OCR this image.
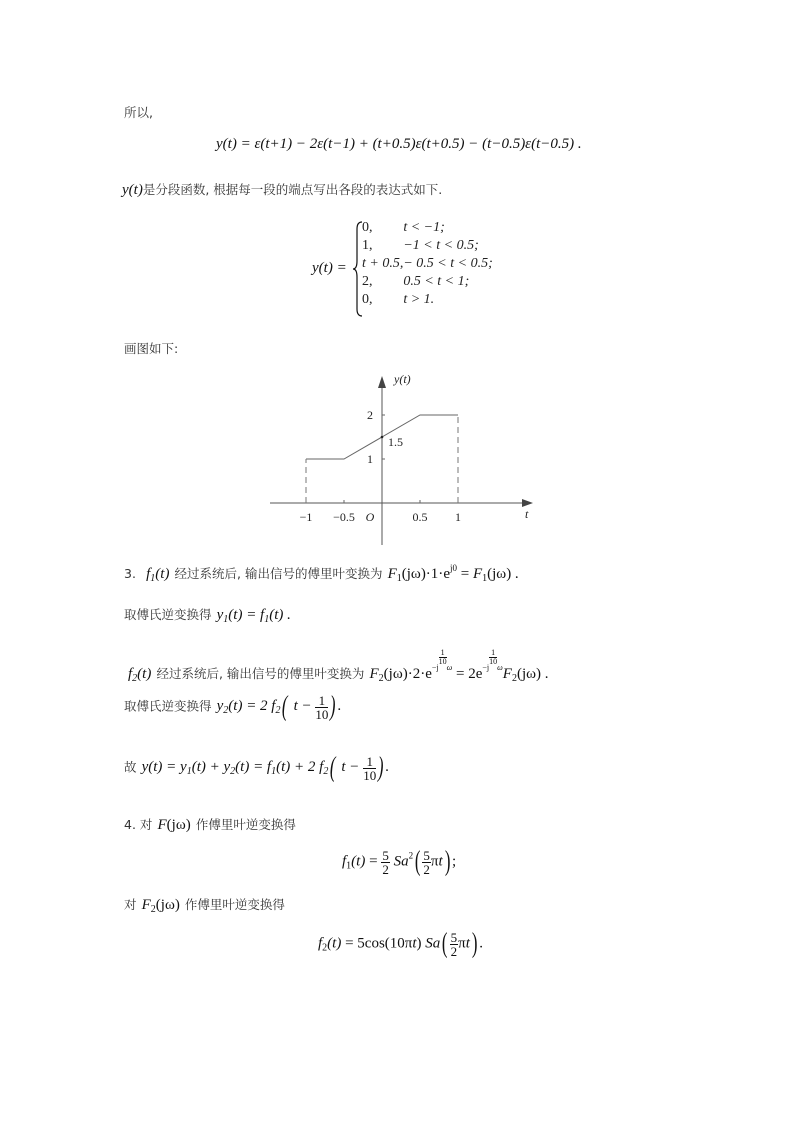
所以,
y(t) = ε(t+1) − 2ε(t−1) + (t+0.5)ε(t+0.5) − (t−0.5)ε(t−0.5) .
y(t)是分段函数, 根据每一段的端点写出各段的表达式如下.
y(t) =
0,	t < −1;
1,	−1 < t < 0.5;
t + 0.5,	− 0.5 < t < 0.5;
2,	0.5 < t < 1;
0,	t > 1.
画图如下:
−1 −0.5 O	0.5 1
1
2
1.5
y(t)
t
3. $f_1(t)$ 经过系统后, 输出信号的傅里叶变换为 $F_1(j\omega)\cdot 1\cdot e^{j0} = F_1(j\omega)$ .
取傅氏逆变换得 $y_1(t) = f_1(t)$ .
$f_2(t)$ 经过系统后, 输出信号的傅里叶变换为 $F_2(j\omega)\cdot 2\cdot e^{-j \frac{1}{10} \omega} = 2e^{-j \frac{1}{10} \omega}F_2(j\omega)$ .
取傅氏逆变换得 $y_2(t) = 2$ $f_2$( $t - \frac{1}{10}$ ) .
故 $y(t) = y_1(t) + y_2(t) = f_1(t) + 2$ $f_2$( $t - \frac{1}{10}$ ) .
4. 对 F(jω) 作傅里叶逆变换得
$f_1(t) = \frac{5}{2} Sa^2( \frac{5}{2} \pi t)$ ;
对 $F_2(j\omega)$ 作傅里叶逆变换得
$f_2(t) = 5\cos(10\pi t)$ $Sa( \frac{5}{2} \pi t)$ .
